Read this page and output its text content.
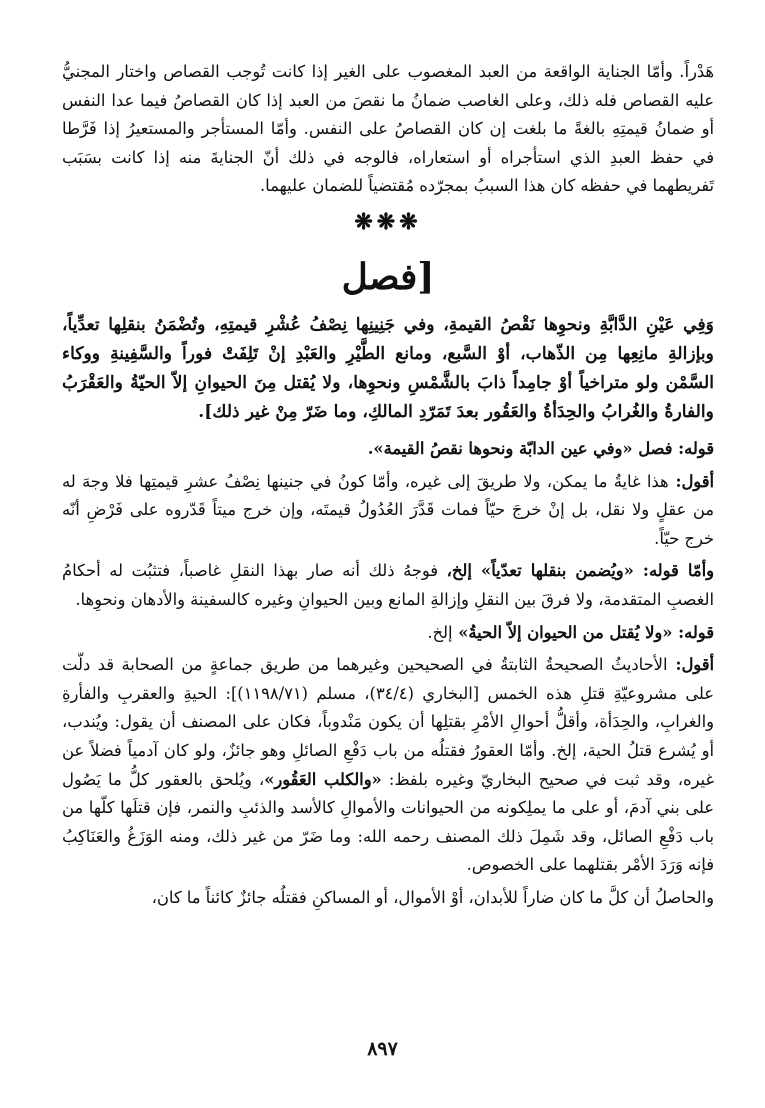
هَدْراً. وأمّا الجناية الواقعة من العبد المغصوب على الغير إذا كانت تُوجب القصاص واختار المجنيُّ عليه القصاص فله ذلك، وعلى الغاصب ضمانُ ما نقصَ من العبد إذا كان القصاصُ فيما عدا النفس أو ضمانُ قيمتِهِ بالغةً ما بلغت إن كان القصاصُ على النفس. وأمّا المستأجر والمستعيرُ إذا فَرَّطا في حفظ العبدِ الذي استأجراه أو استعاراه، فالوجه في ذلك أنّ الجنايةَ منه إذا كانت بسَبَب تَفريطهما في حفظه كان هذا السببُ بمجرّده مُقتضياً للضمان عليهما.

❋❋❋
[فصل

وَفِي عَيْنِ الدَّابَّةِ ونحوِها نَقْصُ القيمةِ، وفي جَنِينِها نِصْفُ عُشْرِ قيمتِهِ، وتُضْمَنُ بنقلِها تعدِّياً، وبإزالةِ مانِعِها مِن الذّهاب، أوْ السَّبع، ومانع الطَّيْرِ والعَبْدِ إنْ تَلِفَتْ فوراً والسَّفِينةِ ووكاء السَّمْن ولو متراخياً أوْ جامِداً ذابَ بالشَّمْسِ ونحوِها، ولا يُقتل مِنَ الحيوانِ إلاّ الحيّةُ والعَقْرَبُ والفارةُ والغُرابُ والحِدَأةُ والعَقُور بعدَ تَمَرّدِ المالكِ، وما ضَرّ مِنْ غير ذلك].

قوله: فصل «وفي عين الدابّة ونحوها نقصُ القيمة».

أقول: هذا غايةُ ما يمكن، ولا طريقَ إلى غيره، وأمّا كونُ في جنينها نِصْفُ عشرِ قيمتِها فلا وجهَ له من عقلٍ ولا نقل، بل إنْ خرجَ حيّاً فمات قَدَّرَ العُدُولُ قيمتَه، وإن خرج ميتاً قَدّروه على فَرْضِ أنّه خرج حيّاً.

وأمّا قوله: «ويُضمن بنقلها تعدّياً» إلخ، فوجهُ ذلك أنه صار بهذا النقلِ غاصباً، فتثبُت له أحكامُ الغصبِ المتقدمة، ولا فرقَ بين النقلِ وإزالةِ المانع وبين الحيوانِ وغيره كالسفينة والأدهان ونحوِها.

قوله: «ولا يُقتل من الحيوان إلاّ الحيةُ» إلخ.

أقول: الأحاديثُ الصحيحةُ الثابتةُ في الصحيحين وغيرهما من طريق جماعةٍ من الصحابة قد دلّت على مشروعيّةِ قتلِ هذه الخمس [البخاري (٣٤/٤)، مسلم (١١٩٨/٧١)]: الحيةِ والعقربِ والفأرةِ والغرابِ، والحِدَأة، وأقلُّ أحوالِ الأمْرِ بقتلِها أن يكون مَنْدوباً، فكان على المصنف أن يقول: ويُندب، أو يُشرع قتلُ الحية، إلخ. وأمّا العقورُ فقتلُه من باب دَفْعِ الصائلِ وهو جائزٌ، ولو كان آدمياً فضلاً عن غيره، وقد ثبت في صحيح البخاريّ وغيره بلفظ: «والكلب العَقُور»، ويُلحق بالعقور كلُّ ما يَصُول على بني آدمَ، أو على ما يملِكونه من الحيوانات والأموالِ كالأسد والذئبِ والنمر، فإن قتلَها كلّها من باب دَفْعِ الصائل، وقد شَمِلَ ذلك المصنف رحمه الله: وما ضَرّ من غير ذلك، ومنه الوَزَغُ والعَنَاكِبُ فإنه وَرَدَ الأمْر بقتلهما على الخصوص.

والحاصلُ أن كلَّ ما كان ضاراً للأبدان، أوْ الأموال، أو المساكنِ فقتلُه جائزٌ كائناً ما كان،

٨٩٧
